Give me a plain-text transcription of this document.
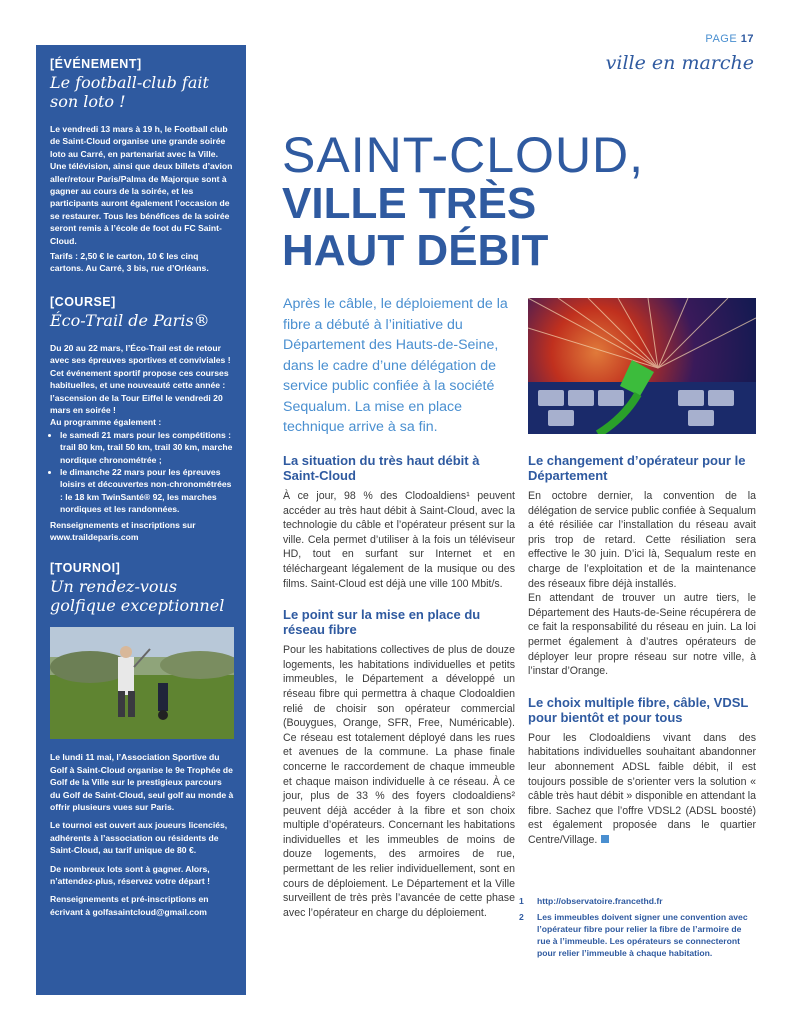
[ÉVÉNEMENT]

Le football-club fait son loto !

Le vendredi 13 mars à 19 h, le Football club de Saint-Cloud organise une grande soirée loto au Carré, en partenariat avec la Ville. Une télévision, ainsi que deux billets d’avion aller/retour Paris/Palma de Majorque sont à gagner au cours de la soirée, et les participants auront également l’occasion de se restaurer. Tous les bénéfices de la soirée seront remis à l’école de foot du FC Saint-Cloud.

Tarifs : 2,50 € le carton, 10 € les cinq cartons. Au Carré, 3 bis, rue d’Orléans.

[COURSE]

Éco-Trail de Paris®

Du 20 au 22 mars, l’Éco-Trail est de retour avec ses épreuves sportives et conviviales ! Cet événement sportif propose ces courses habituelles, et une nouveauté cette année : l’ascension de la Tour Eiffel le vendredi 20 mars en soirée !

Au programme également :

• le samedi 21 mars pour les compétitions : trail 80 km, trail 50 km, trail 30 km, marche nordique chronométrée ;
• le dimanche 22 mars pour les épreuves loisirs et découvertes non-chronométrées : le 18 km TwinSanté® 92, les marches nordiques et les randonnées.

Renseignements et inscriptions sur www.traildeparis.com

[TOURNOI]

Un rendez-vous golfique exceptionnel

Le lundi 11 mai, l’Association Sportive du Golf à Saint-Cloud organise le 9e Trophée de Golf de la Ville sur le prestigieux parcours du Golf de Saint-Cloud, seul golf au monde à offrir plusieurs vues sur Paris.

Le tournoi est ouvert aux joueurs licenciés, adhérents à l’association ou résidents de Saint-Cloud, au tarif unique de 80 €.

De nombreux lots sont à gagner. Alors, n’attendez-plus, réservez votre départ !

Renseignements et pré-inscriptions en écrivant à golfasaintcloud@gmail.com

PAGE 17
ville en marche

SAINT-CLOUD,

VILLE TRÈS

HAUT DÉBIT

Après le câble, le déploiement de la fibre a débuté à l’initiative du Département des Hauts-de-Seine, dans le cadre d’une délégation de service public confiée à la société Sequalum. La mise en place technique arrive à sa fin.

La situation du très haut débit à Saint-Cloud

À ce jour, 98 % des Clodoaldiens¹ peuvent accéder au très haut débit à Saint-Cloud, avec la technologie du câble et l’opérateur présent sur la ville. Cela permet d’utiliser à la fois un téléviseur HD, tout en surfant sur Internet et en téléchargeant légalement de la musique ou des films. Saint-Cloud est déjà une ville 100 Mbit/s.

Le point sur la mise en place du réseau fibre

Pour les habitations collectives de plus de douze logements, les habitations individuelles et petits immeubles, le Département a développé un réseau fibre qui permettra à chaque Clodoaldien relié de choisir son opérateur commercial (Bouygues, Orange, SFR, Free, Numéricable). Ce réseau est totalement déployé dans les rues et avenues de la commune. La phase finale concerne le raccordement de chaque immeuble et chaque maison individuelle à ce réseau. À ce jour, plus de 33 % des foyers clodoaldiens² peuvent déjà accéder à la fibre et son choix multiple d’opérateurs. Concernant les habitations individuelles et les immeubles de moins de douze logements, des armoires de rue, permettant de les relier individuellement, sont en cours de déploiement. Le Département et la Ville surveillent de très près l’avancée de cette phase avec l’opérateur en charge du déploiement.

Le changement d’opérateur pour le Département

En octobre dernier, la convention de la délégation de service public confiée à Sequalum a été résiliée car l’installation du réseau avait pris trop de retard. Cette résiliation sera effective le 30 juin. D’ici là, Sequalum reste en charge de l’exploitation et de la maintenance des réseaux fibre déjà installés.

En attendant de trouver un autre tiers, le Département des Hauts-de-Seine récupérera de ce fait la responsabilité du réseau en juin. La loi permet également à d’autres opérateurs de déployer leur propre réseau sur notre ville, à l’instar d’Orange.

Le choix multiple fibre, câble, VDSL pour bientôt et pour tous

Pour les Clodoaldiens vivant dans des habitations individuelles souhaitant abandonner leur abonnement ADSL faible débit, il est toujours possible de s’orienter vers la solution « câble très haut débit » disponible en attendant la fibre. Sachez que l’offre VDSL2 (ADSL boosté) est également proposée dans le quartier Centre/Village.

1 http://observatoire.francethd.fr

2 Les immeubles doivent signer une convention avec l’opérateur fibre pour relier la fibre de l’armoire de rue à l’immeuble. Les opérateurs se connecteront pour relier l’immeuble à chaque habitation.
